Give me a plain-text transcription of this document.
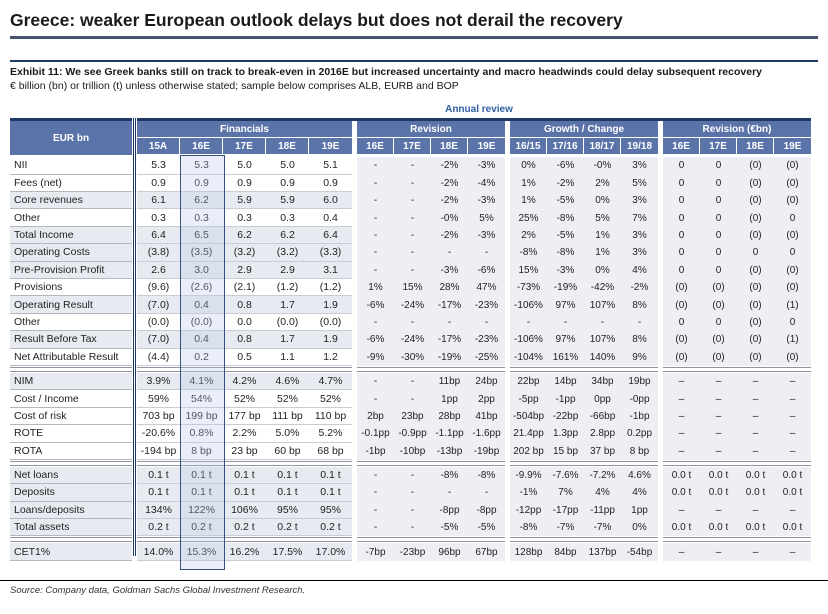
Greece: weaker European outlook delays but does not derail the recovery
Exhibit 11: We see Greek banks still on track to break-even in 2016E but increased uncertainty and macro headwinds could delay subsequent recovery
€ billion (bn) or trillion (t) unless otherwise stated; sample below comprises ALB, EURB and BOP
Annual review
EUR bn
Financials
15A	16E	17E	18E	19E
Revision
16E	17E	18E	19E
Growth / Change
16/15	17/16	18/17	19/18
Revision (€bn)
16E	17E	18E	19E
NII	5.3	5.3	5.0	5.0	5.1	-	-	-2%	-3%	0%	-6%	-0%	3%	0	0	(0)	(0)
Fees (net)	0.9	0.9	0.9	0.9	0.9	-	-	-2%	-4%	1%	-2%	2%	5%	0	0	(0)	(0)
Core revenues	6.1	6.2	5.9	5.9	6.0	-	-	-2%	-3%	1%	-5%	0%	3%	0	0	(0)	(0)
Other	0.3	0.3	0.3	0.3	0.4	-	-	-0%	5%	25%	-8%	5%	7%	0	0	(0)	0
Total Income	6.4	6.5	6.2	6.2	6.4	-	-	-2%	-3%	2%	-5%	1%	3%	0	0	(0)	(0)
Operating Costs	(3.8)	(3.5)	(3.2)	(3.2)	(3.3)	-	-	-	-	-8%	-8%	1%	3%	0	0	0	0
Pre-Provision Profit	2.6	3.0	2.9	2.9	3.1	-	-	-3%	-6%	15%	-3%	0%	4%	0	0	(0)	(0)
Provisions	(9.6)	(2.6)	(2.1)	(1.2)	(1.2)	1%	15%	28%	47%	-73%	-19%	-42%	-2%	(0)	(0)	(0)	(0)
Operating Result	(7.0)	0.4	0.8	1.7	1.9	-6%	-24%	-17%	-23%	-106%	97%	107%	8%	(0)	(0)	(0)	(1)
Other	(0.0)	(0.0)	0.0	(0.0)	(0.0)	-	-	-	-	-	-	-	-	0	0	(0)	0
Result Before Tax	(7.0)	0.4	0.8	1.7	1.9	-6%	-24%	-17%	-23%	-106%	97%	107%	8%	(0)	(0)	(0)	(1)
Net Attributable Result	(4.4)	0.2	0.5	1.1	1.2	-9%	-30%	-19%	-25%	-104% 161%	140%	9%	(0)	(0)	(0)	(0)
NIM	3.9%	4.1%	4.2%	4.6%	4.7%	-	-	11bp	24bp	22bp	14bp	34bp	19bp	–	–	–	–
Cost / Income	59%	54%	52%	52%	52%	-	-	1pp	2pp	-5pp	-1pp	0pp	-0pp	–	–	–	–
Cost of risk	703 bp	199 bp	177 bp	111 bp	110 bp	2bp	23bp	28bp	41bp	-504bp -22bp	-66bp	-1bp	–	–	–	–
ROTE	-20.6%	0.8%	2.2%	5.0%	5.2%	-0.1pp -0.9pp -1.1pp -1.6pp	21.4pp 1.3pp	2.8pp	0.2pp	–	–	–	–
ROTA	-194 bp	8 bp	23 bp	60 bp	68 bp	-1bp	-10bp	-13bp	-19bp	202 bp 15 bp	37 bp	8 bp	–	–	–	–
Net loans	0.1 t	0.1 t	0.1 t	0.1 t	0.1 t	-	-	-8%	-8%	-9.9%	-7.6%	-7.2%	4.6%	0.0 t	0.0 t	0.0 t	0.0 t
Deposits	0.1 t	0.1 t	0.1 t	0.1 t	0.1 t	-	-	-	-	-1%	7%	4%	4%	0.0 t	0.0 t	0.0 t	0.0 t
Loans/deposits	134%	122%	106%	95%	95%	-	-	-8pp	-8pp	-12pp	-17pp	-11pp	1pp	–	–	–	–
Total assets	0.2 t	0.2 t	0.2 t	0.2 t	0.2 t	-	-	-5%	-5%	-8%	-7%	-7%	0%	0.0 t	0.0 t	0.0 t	0.0 t
CET1%	14.0%	15.3%	16.2%	17.5%	17.0%	-7bp	-23bp	96bp	67bp	128bp	84bp	137bp	-54bp	–	–	–	–
Source: Company data, Goldman Sachs Global Investment Research.
